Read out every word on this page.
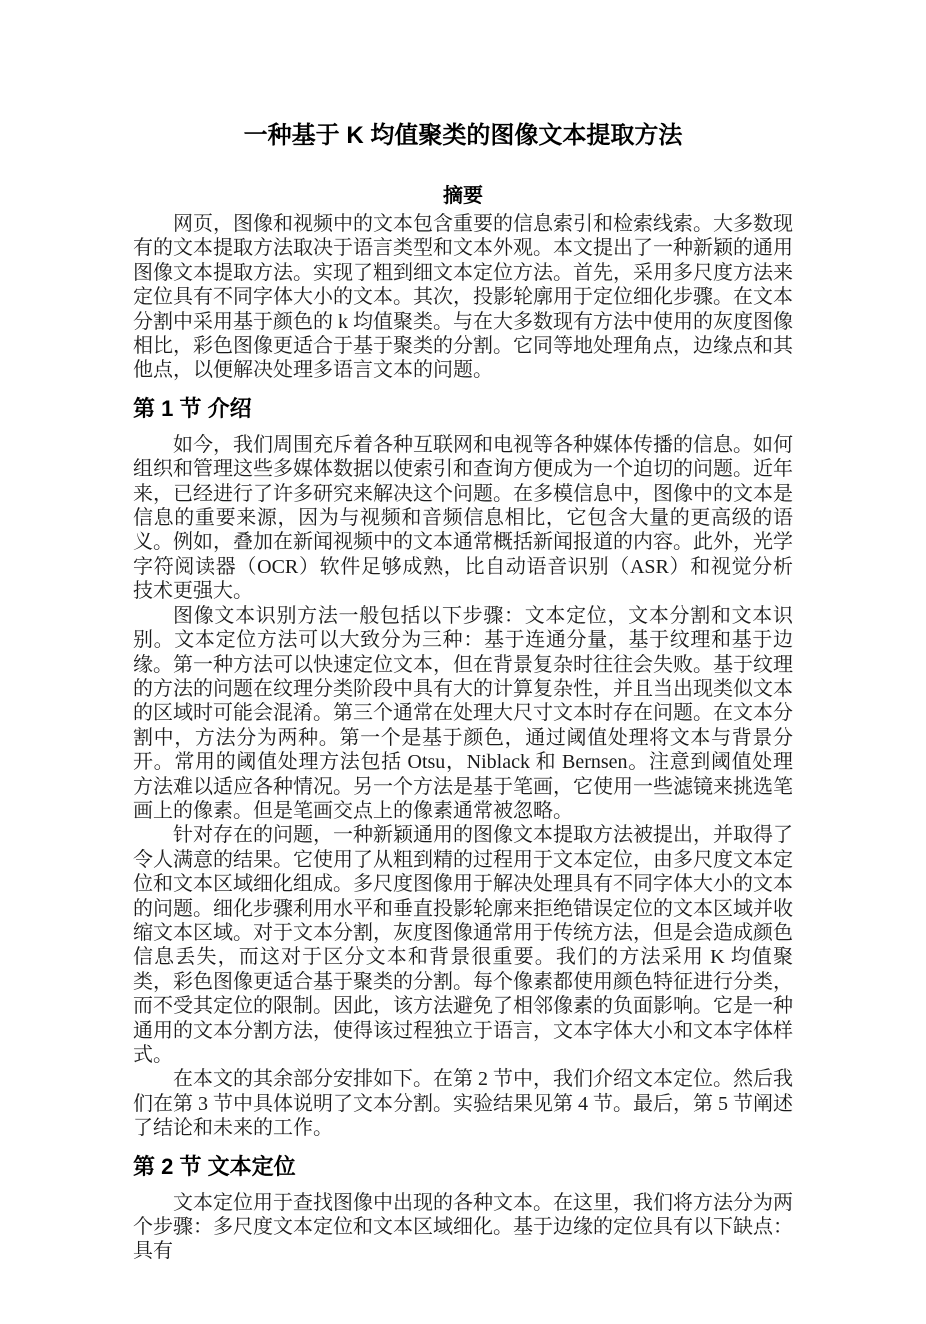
一种基于 K 均值聚类的图像文本提取方法
摘要

网页，图像和视频中的文本包含重要的信息索引和检索线索。大多数现有的文本提取方法取决于语言类型和文本外观。本文提出了一种新颖的通用图像文本提取方法。实现了粗到细文本定位方法。首先，采用多尺度方法来定位具有不同字体大小的文本。其次，投影轮廓用于定位细化步骤。在文本分割中采用基于颜色的 k 均值聚类。与在大多数现有方法中使用的灰度图像相比，彩色图像更适合于基于聚类的分割。它同等地处理角点，边缘点和其他点，以便解决处理多语言文本的问题。

第 1 节 介绍

如今，我们周围充斥着各种互联网和电视等各种媒体传播的信息。如何组织和管理这些多媒体数据以使索引和查询方便成为一个迫切的问题。近年来，已经进行了许多研究来解决这个问题。在多模信息中，图像中的文本是信息的重要来源，因为与视频和音频信息相比，它包含大量的更高级的语义。例如，叠加在新闻视频中的文本通常概括新闻报道的内容。此外，光学字符阅读器（OCR）软件足够成熟，比自动语音识别（ASR）和视觉分析技术更强大。

图像文本识别方法一般包括以下步骤：文本定位，文本分割和文本识别。文本定位方法可以大致分为三种：基于连通分量，基于纹理和基于边缘。第一种方法可以快速定位文本，但在背景复杂时往往会失败。基于纹理的方法的问题在纹理分类阶段中具有大的计算复杂性，并且当出现类似文本的区域时可能会混淆。第三个通常在处理大尺寸文本时存在问题。在文本分割中，方法分为两种。第一个是基于颜色，通过阈值处理将文本与背景分开。常用的阈值处理方法包括 Otsu，Niblack 和 Bernsen。注意到阈值处理方法难以适应各种情况。另一个方法是基于笔画，它使用一些滤镜来挑选笔画上的像素。但是笔画交点上的像素通常被忽略。

针对存在的问题，一种新颖通用的图像文本提取方法被提出，并取得了令人满意的结果。它使用了从粗到精的过程用于文本定位，由多尺度文本定位和文本区域细化组成。多尺度图像用于解决处理具有不同字体大小的文本的问题。细化步骤利用水平和垂直投影轮廓来拒绝错误定位的文本区域并收缩文本区域。对于文本分割，灰度图像通常用于传统方法，但是会造成颜色信息丢失，而这对于区分文本和背景很重要。我们的方法采用 K 均值聚类，彩色图像更适合基于聚类的分割。每个像素都使用颜色特征进行分类，而不受其定位的限制。因此，该方法避免了相邻像素的负面影响。它是一种通用的文本分割方法，使得该过程独立于语言，文本字体大小和文本字体样式。

在本文的其余部分安排如下。在第 2 节中，我们介绍文本定位。然后我们在第 3 节中具体说明了文本分割。实验结果见第 4 节。最后，第 5 节阐述了结论和未来的工作。

第 2 节 文本定位

文本定位用于查找图像中出现的各种文本。在这里，我们将方法分为两个步骤：多尺度文本定位和文本区域细化。基于边缘的定位具有以下缺点：具有
